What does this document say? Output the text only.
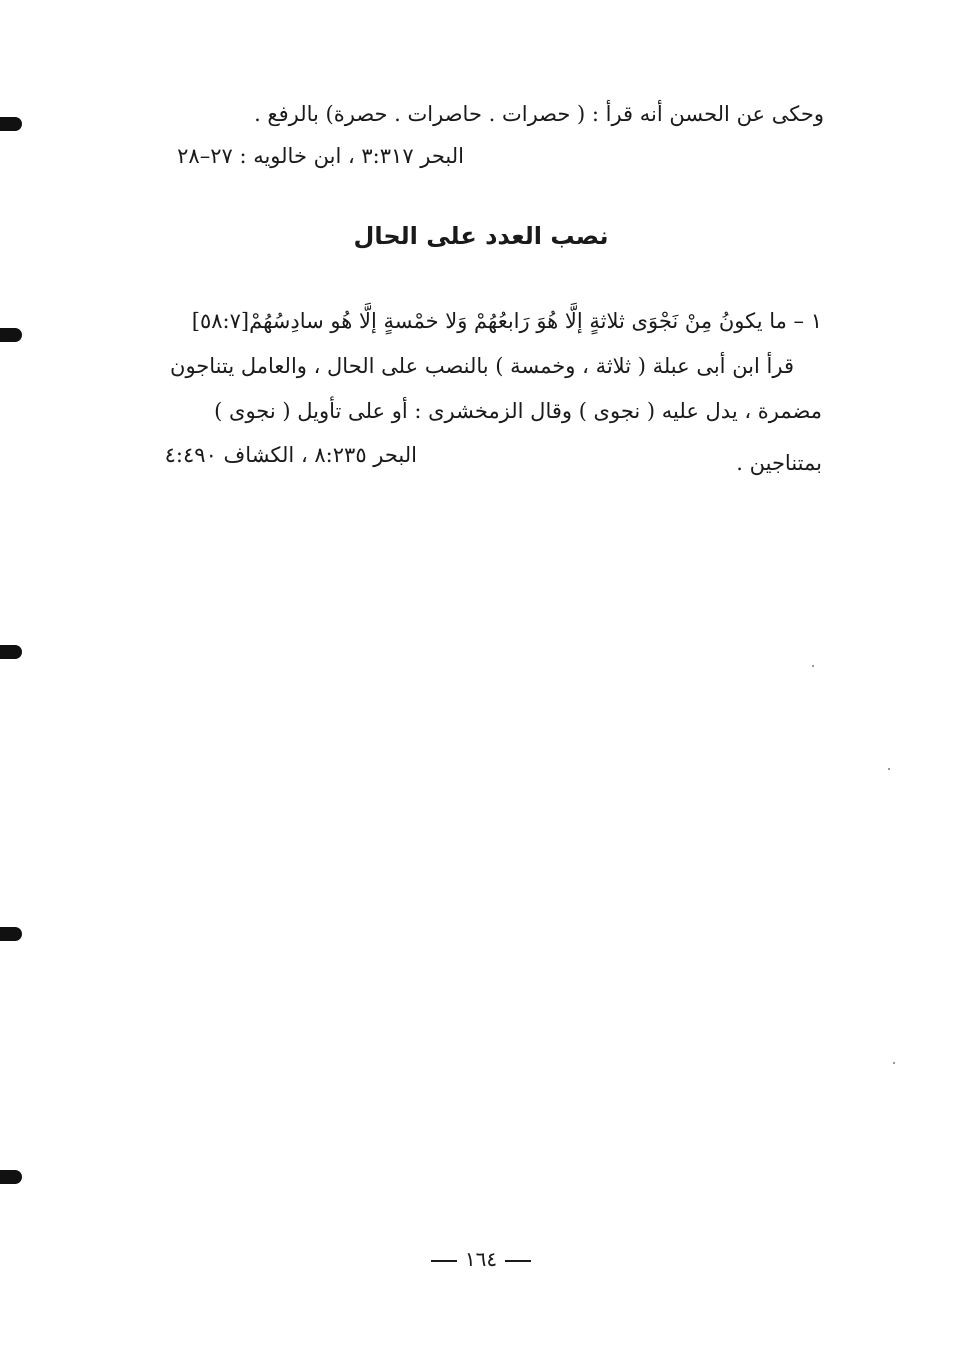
وحكى عن الحسن أنه قرأ : ( حصرات . حاصرات . حصرة) بالرفع .
البحر ٣:٣١٧ ، ابن خالويه : ٢٧–٢٨
نصب العدد على الحال
١ – ما يكونُ مِنْ نَجْوَى ثلاثةٍ إلَّا هُوَ رَابعُهُمْ وَلا خمْسةٍ إلَّا هُو سادِسُهُمْ[٥٨:٧]
قرأ ابن أبى عبلة ( ثلاثة ، وخمسة ) بالنصب على الحال ، والعامل يتناجون
مضمرة ، يدل عليه ( نجوى ) وقال الزمخشرى : أو على تأويل ( نجوى )
بمتناجين .
البحر ٨:٢٣٥ ، الكشاف ٤:٤٩٠
١٦٤
